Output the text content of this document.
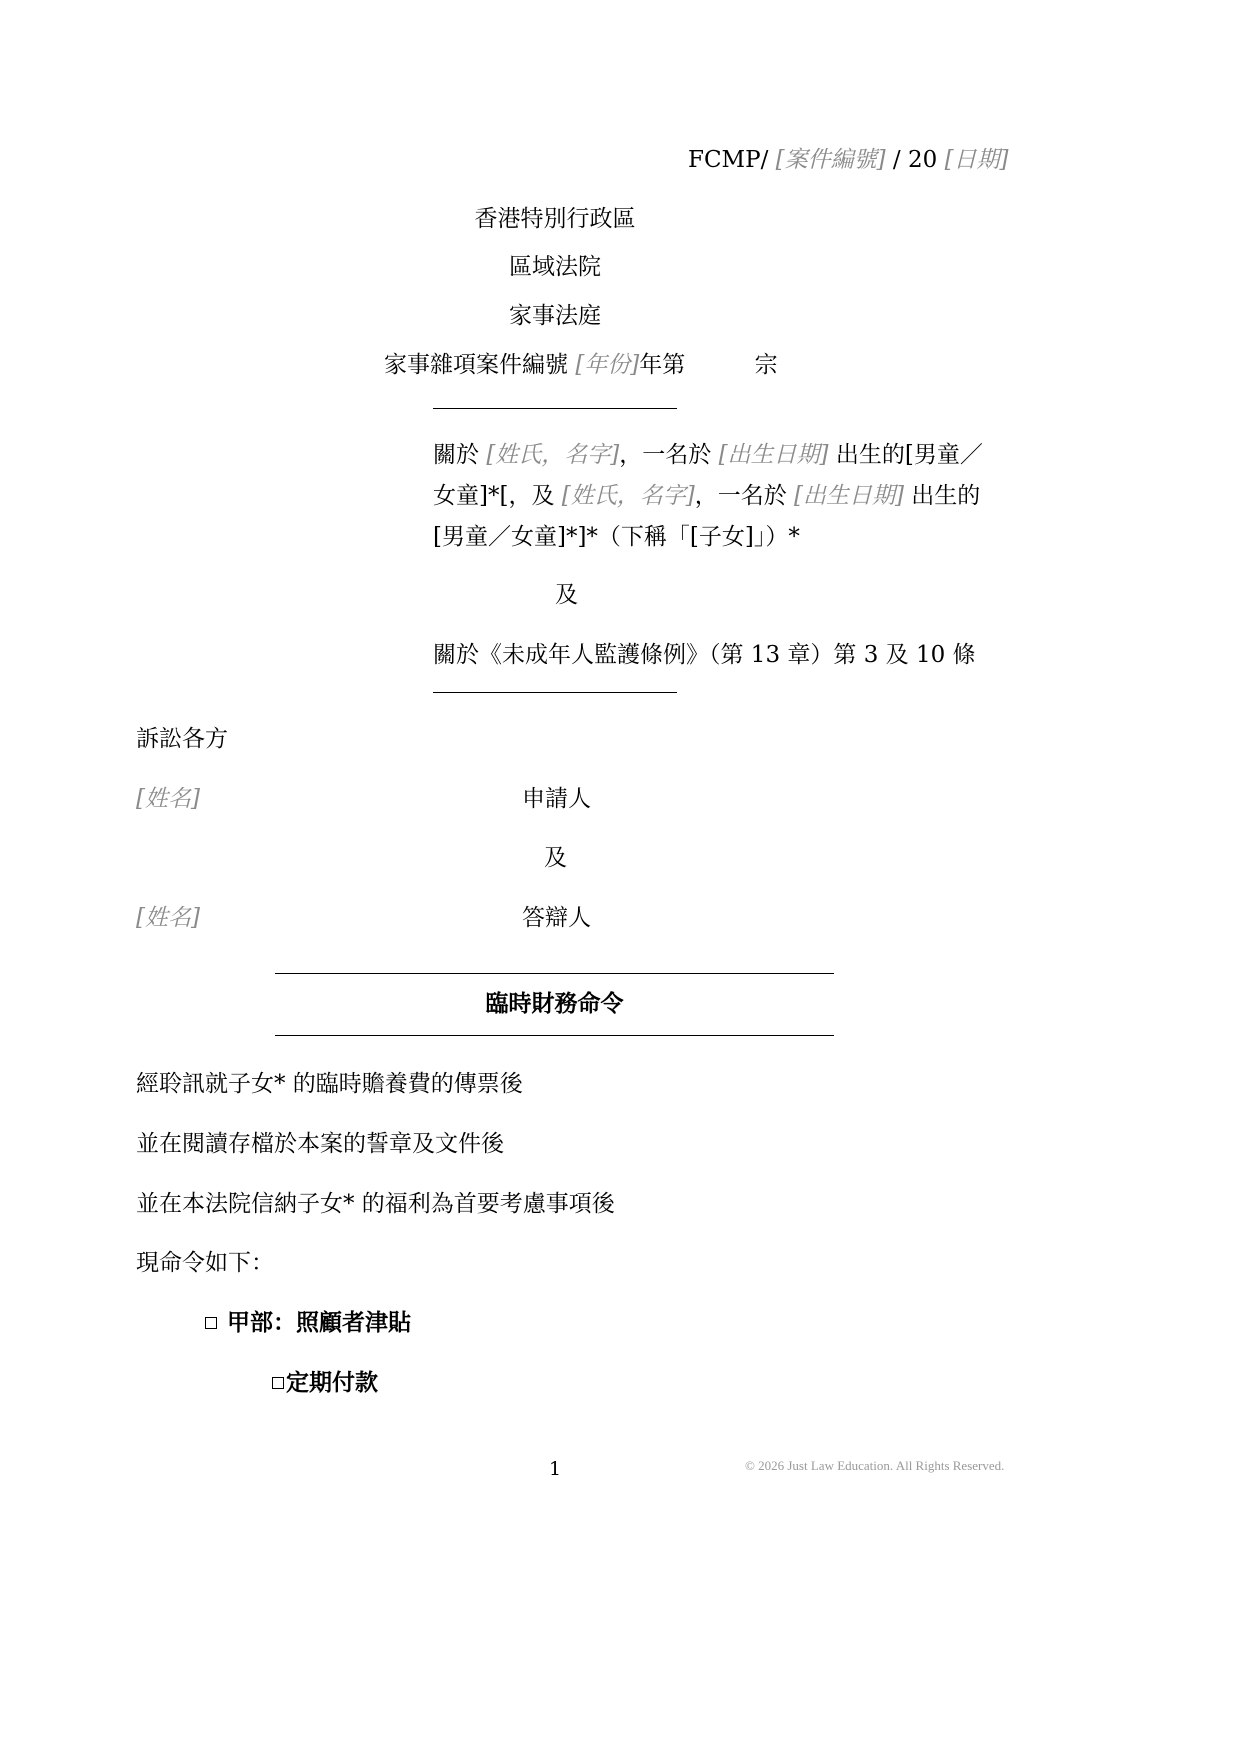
FCMP/ [案件編號] / 20 [日期]
香港特別行政區
區域法院
家事法庭
家事雜項案件編號 [年份]年第	宗
關於 [姓氏，名字]，一名於 [出生日期] 出生的[男童／
女童]*[，及 [姓氏，名字]，一名於 [出生日期] 出生的
[男童／女童]*]*（下稱「[子女]」）*
及
關於《未成年人監護條例》（第 13 章）第 3 及 10 條
訴訟各方
[姓名]	申請人
及
[姓名]	答辯人
臨時財務命令
經聆訊就子女* 的臨時贍養費的傳票後
並在閱讀存檔於本案的誓章及文件後
並在本法院信納子女* 的福利為首要考慮事項後
現命令如下：
甲部：照顧者津貼
定期付款
1	© 2026 Just Law Education. All Rights Reserved.
